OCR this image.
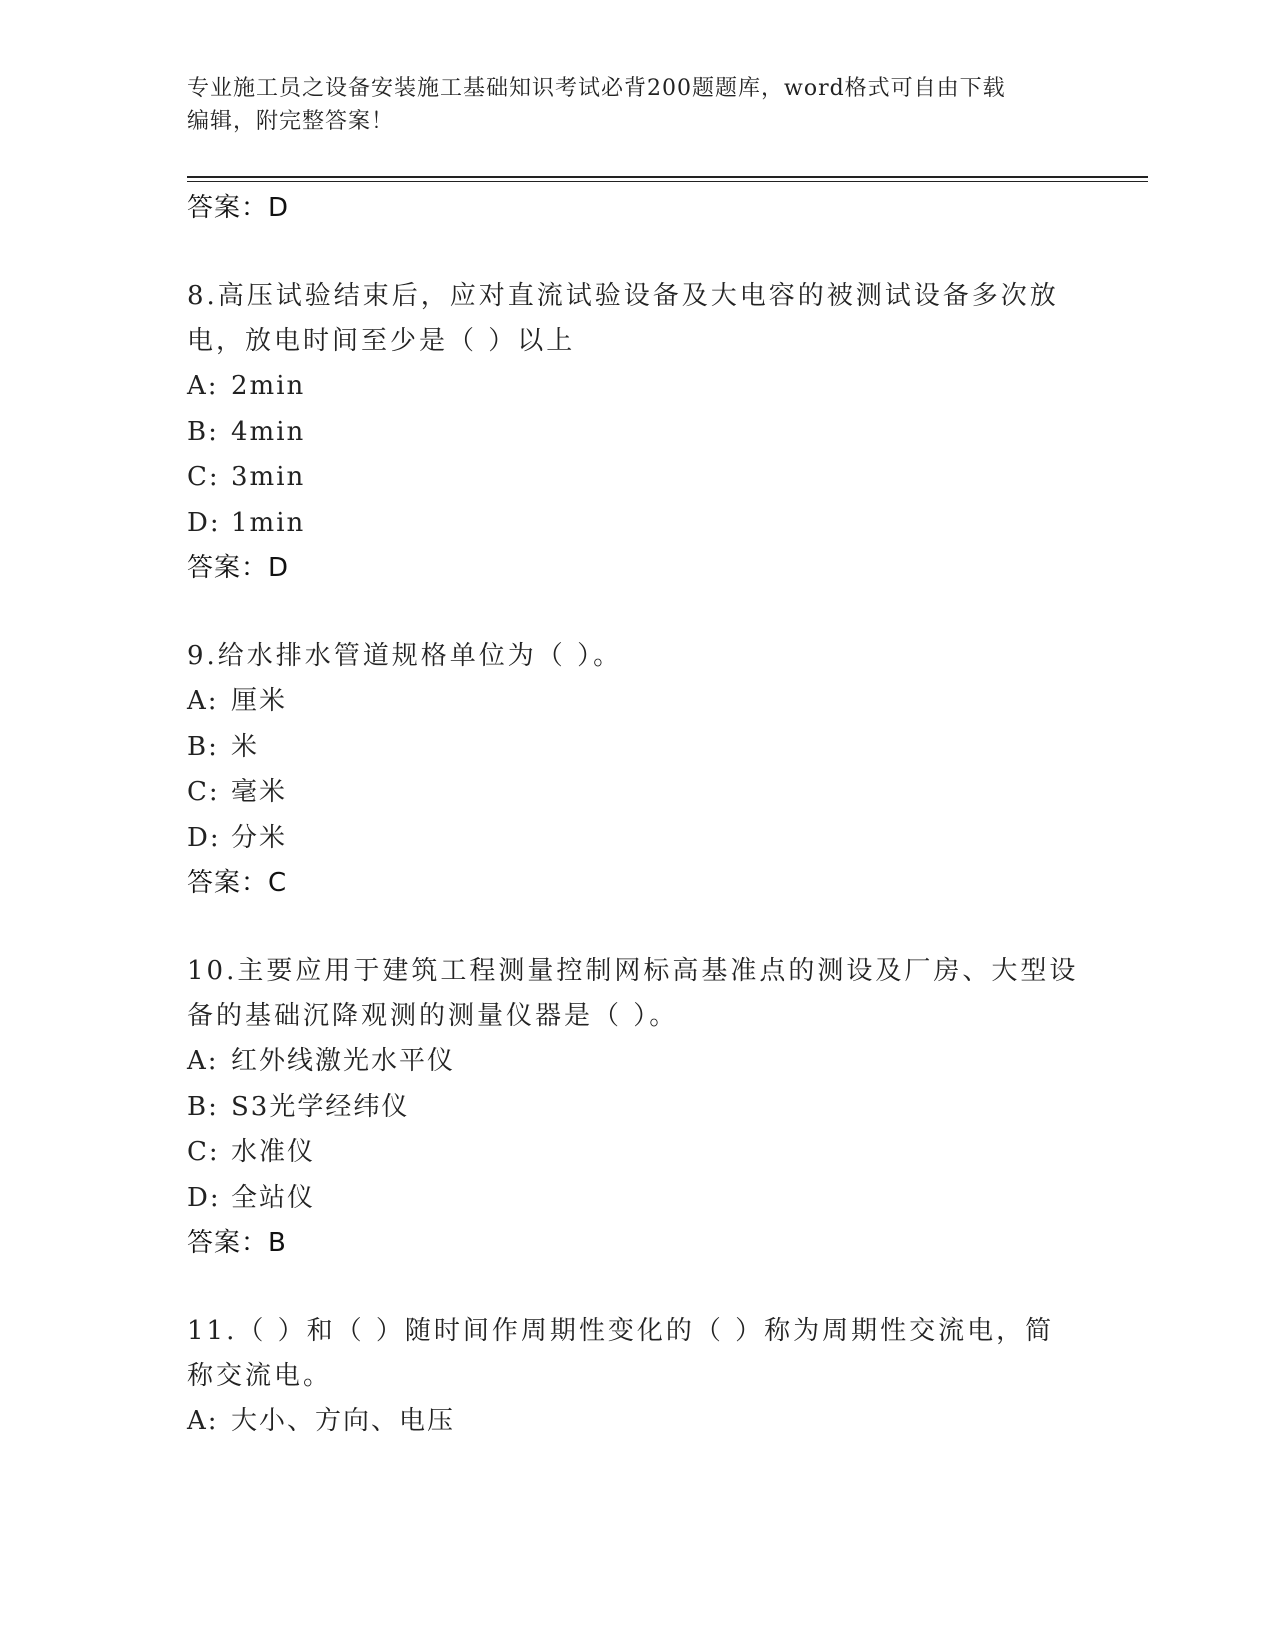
专业施工员之设备安装施工基础知识考试必背200题题库，word格式可自由下载
编辑，附完整答案！
答案：D
8.高压试验结束后，应对直流试验设备及大电容的被测试设备多次放
电，放电时间至少是（ ）以上
A: 2min
B: 4min
C: 3min
D: 1min
答案：D
9.给水排水管道规格单位为（ ）。
A: 厘米
B: 米
C: 毫米
D: 分米
答案：C
10.主要应用于建筑工程测量控制网标高基准点的测设及厂房、大型设
备的基础沉降观测的测量仪器是（ ）。
A: 红外线激光水平仪
B: S3光学经纬仪
C: 水准仪
D: 全站仪
答案：B
11.（ ）和（ ）随时间作周期性变化的（ ）称为周期性交流电，简
称交流电。
A: 大小、方向、电压
